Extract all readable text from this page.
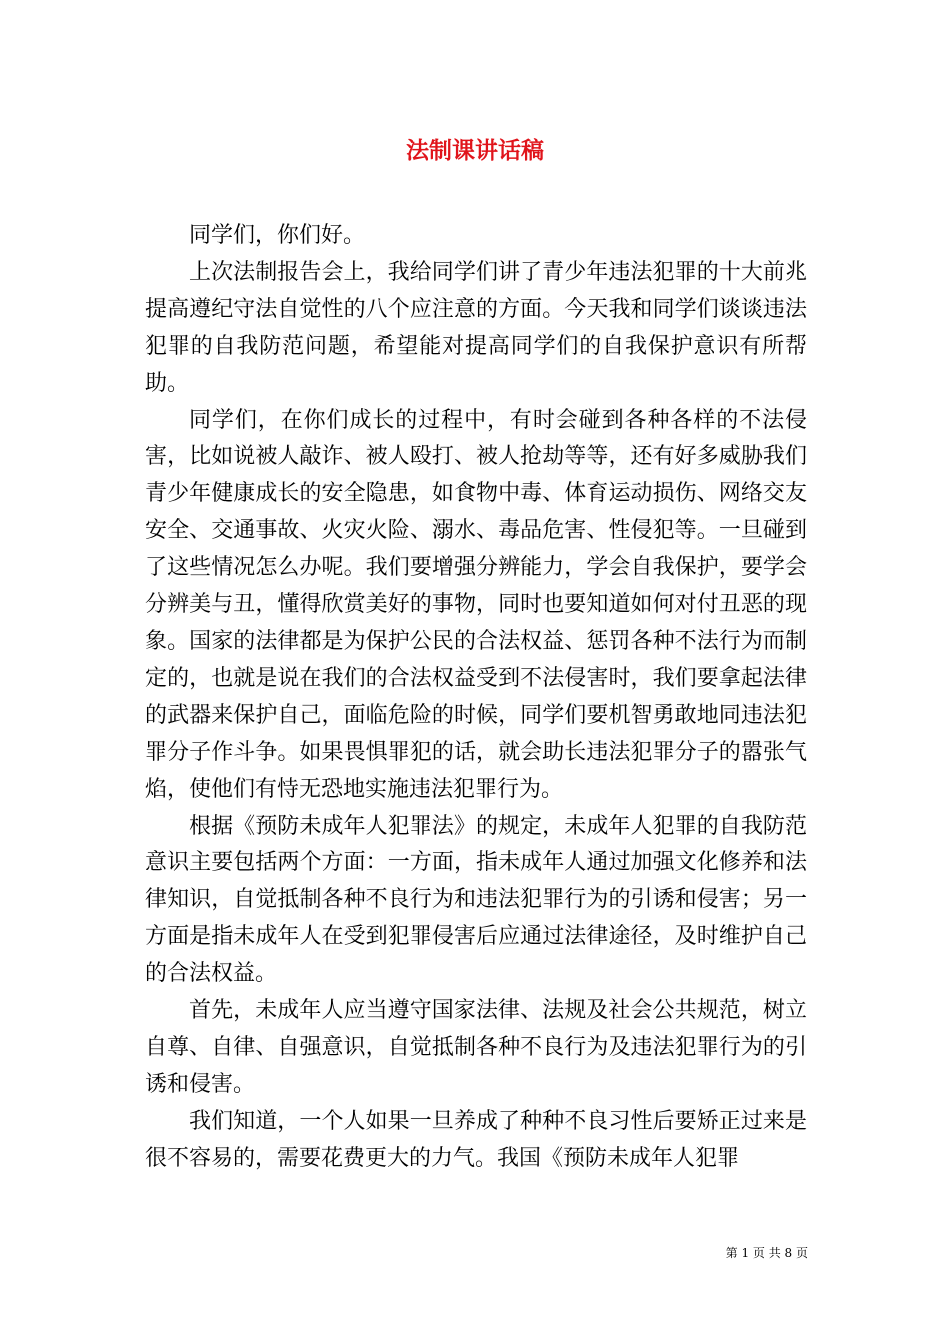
法制课讲话稿

同学们，你们好。

上次法制报告会上，我给同学们讲了青少年违法犯罪的十大前兆提高遵纪守法自觉性的八个应注意的方面。今天我和同学们谈谈违法犯罪的自我防范问题，希望能对提高同学们的自我保护意识有所帮助。

同学们，在你们成长的过程中，有时会碰到各种各样的不法侵害，比如说被人敲诈、被人殴打、被人抢劫等等，还有好多威胁我们青少年健康成长的安全隐患，如食物中毒、体育运动损伤、网络交友安全、交通事故、火灾火险、溺水、毒品危害、性侵犯等。一旦碰到了这些情况怎么办呢。我们要增强分辨能力，学会自我保护，要学会分辨美与丑，懂得欣赏美好的事物，同时也要知道如何对付丑恶的现象。国家的法律都是为保护公民的合法权益、惩罚各种不法行为而制定的，也就是说在我们的合法权益受到不法侵害时，我们要拿起法律的武器来保护自己，面临危险的时候，同学们要机智勇敢地同违法犯罪分子作斗争。如果畏惧罪犯的话，就会助长违法犯罪分子的嚣张气焰，使他们有恃无恐地实施违法犯罪行为。

根据《预防未成年人犯罪法》的规定，未成年人犯罪的自我防范意识主要包括两个方面：一方面，指未成年人通过加强文化修养和法律知识，自觉抵制各种不良行为和违法犯罪行为的引诱和侵害；另一方面是指未成年人在受到犯罪侵害后应通过法律途径，及时维护自己的合法权益。

首先，未成年人应当遵守国家法律、法规及社会公共规范，树立自尊、自律、自强意识，自觉抵制各种不良行为及违法犯罪行为的引诱和侵害。

我们知道，一个人如果一旦养成了种种不良习性后要矫正过来是很不容易的，需要花费更大的力气。我国《预防未成年人犯罪

第 1 页 共 8 页
